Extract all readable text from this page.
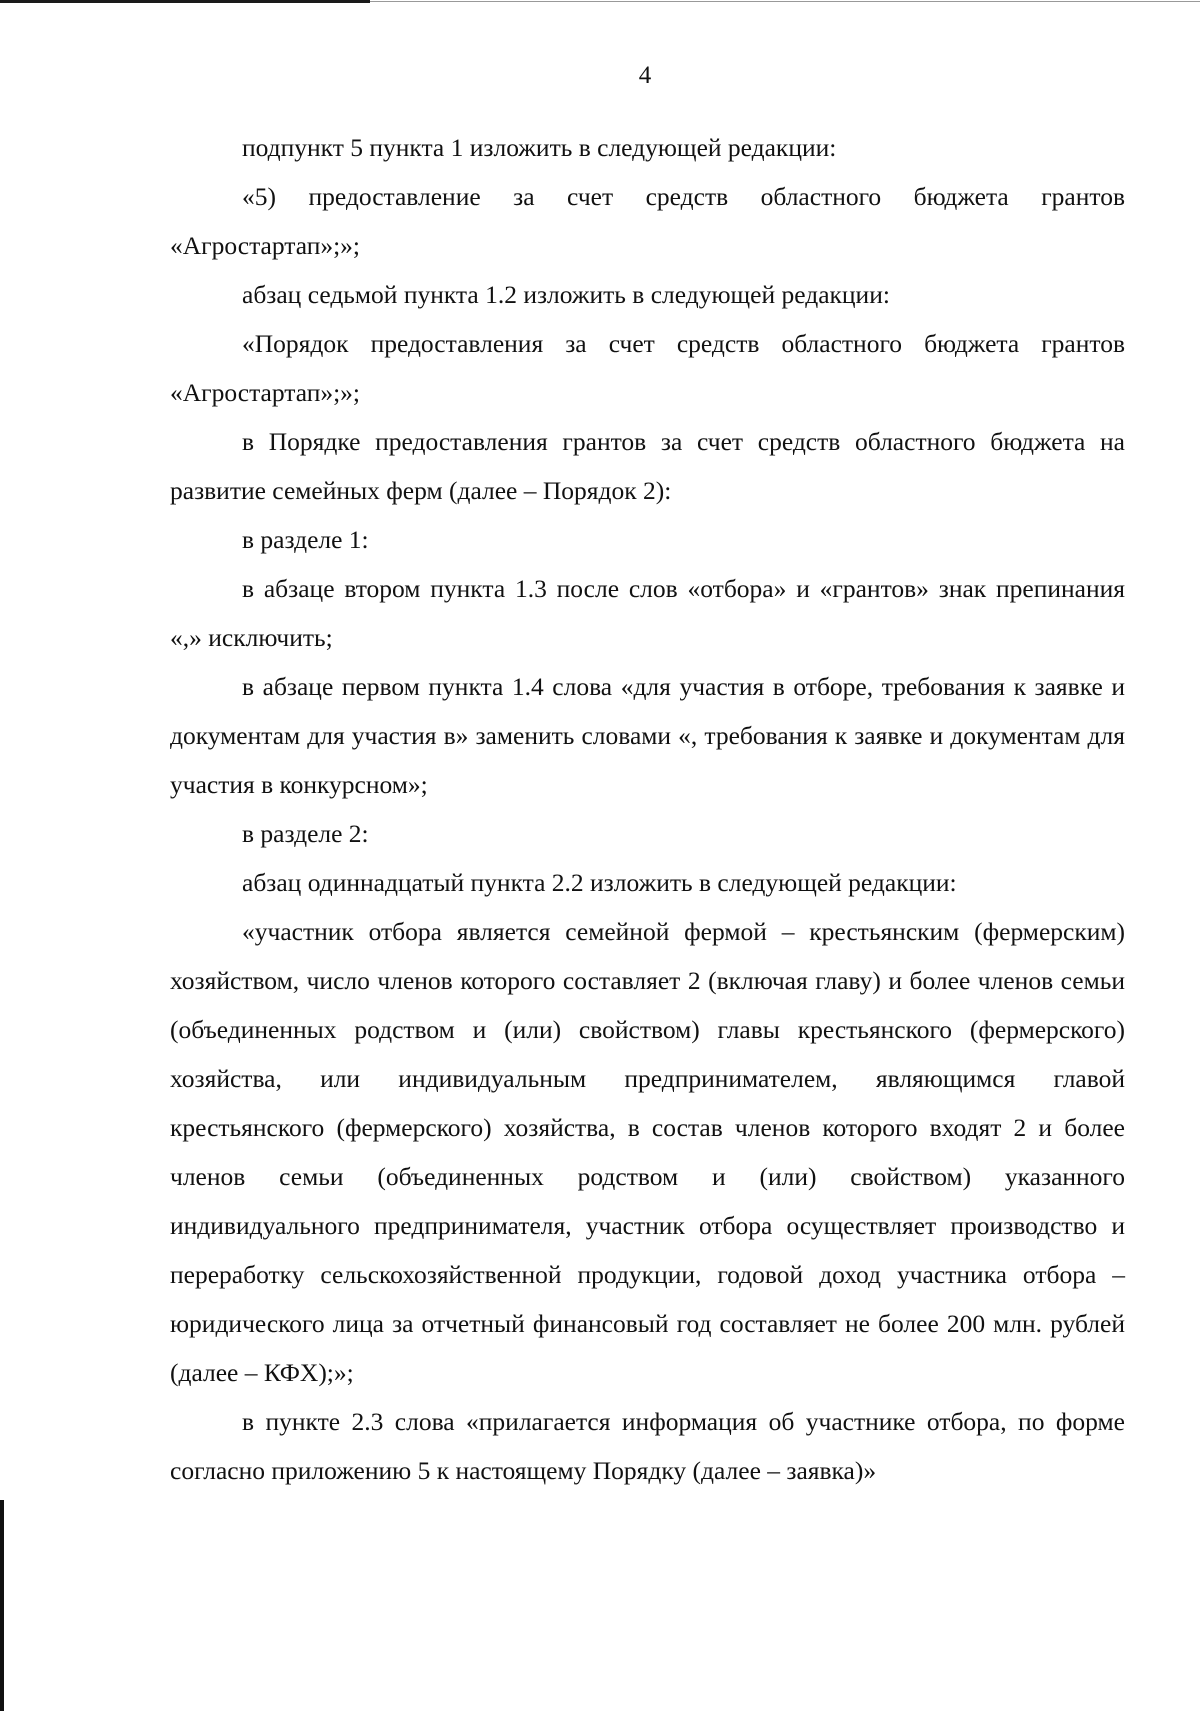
4

подпункт 5 пункта 1 изложить в следующей редакции:

«5) предоставление за счет средств областного бюджета грантов «Агростартап»;»;

абзац седьмой пункта 1.2 изложить в следующей редакции:

«Порядок предоставления за счет средств областного бюджета грантов «Агростартап»;»;

в Порядке предоставления грантов за счет средств областного бюджета на развитие семейных ферм (далее – Порядок 2):

в разделе 1:

в абзаце втором пункта 1.3 после слов «отбора» и «грантов» знак препинания «,» исключить;

в абзаце первом пункта 1.4 слова «для участия в отборе, требования к заявке и документам для участия в» заменить словами «, требования к заявке и документам для участия в конкурсном»;

в разделе 2:

абзац одиннадцатый пункта 2.2 изложить в следующей редакции:

«участник отбора является семейной фермой – крестьянским (фермерским) хозяйством, число членов которого составляет 2 (включая главу) и более членов семьи (объединенных родством и (или) свойством) главы крестьянского (фермерского) хозяйства, или индивидуальным предпринимателем, являющимся главой крестьянского (фермерского) хозяйства, в состав членов которого входят 2 и более членов семьи (объединенных родством и (или) свойством) указанного индивидуального предпринимателя, участник отбора осуществляет производство и переработку сельскохозяйственной продукции, годовой доход участника отбора – юридического лица за отчетный финансовый год составляет не более 200 млн. рублей (далее – КФХ);»;

в пункте 2.3 слова «прилагается информация об участнике отбора, по форме согласно приложению 5 к настоящему Порядку (далее – заявка)»
